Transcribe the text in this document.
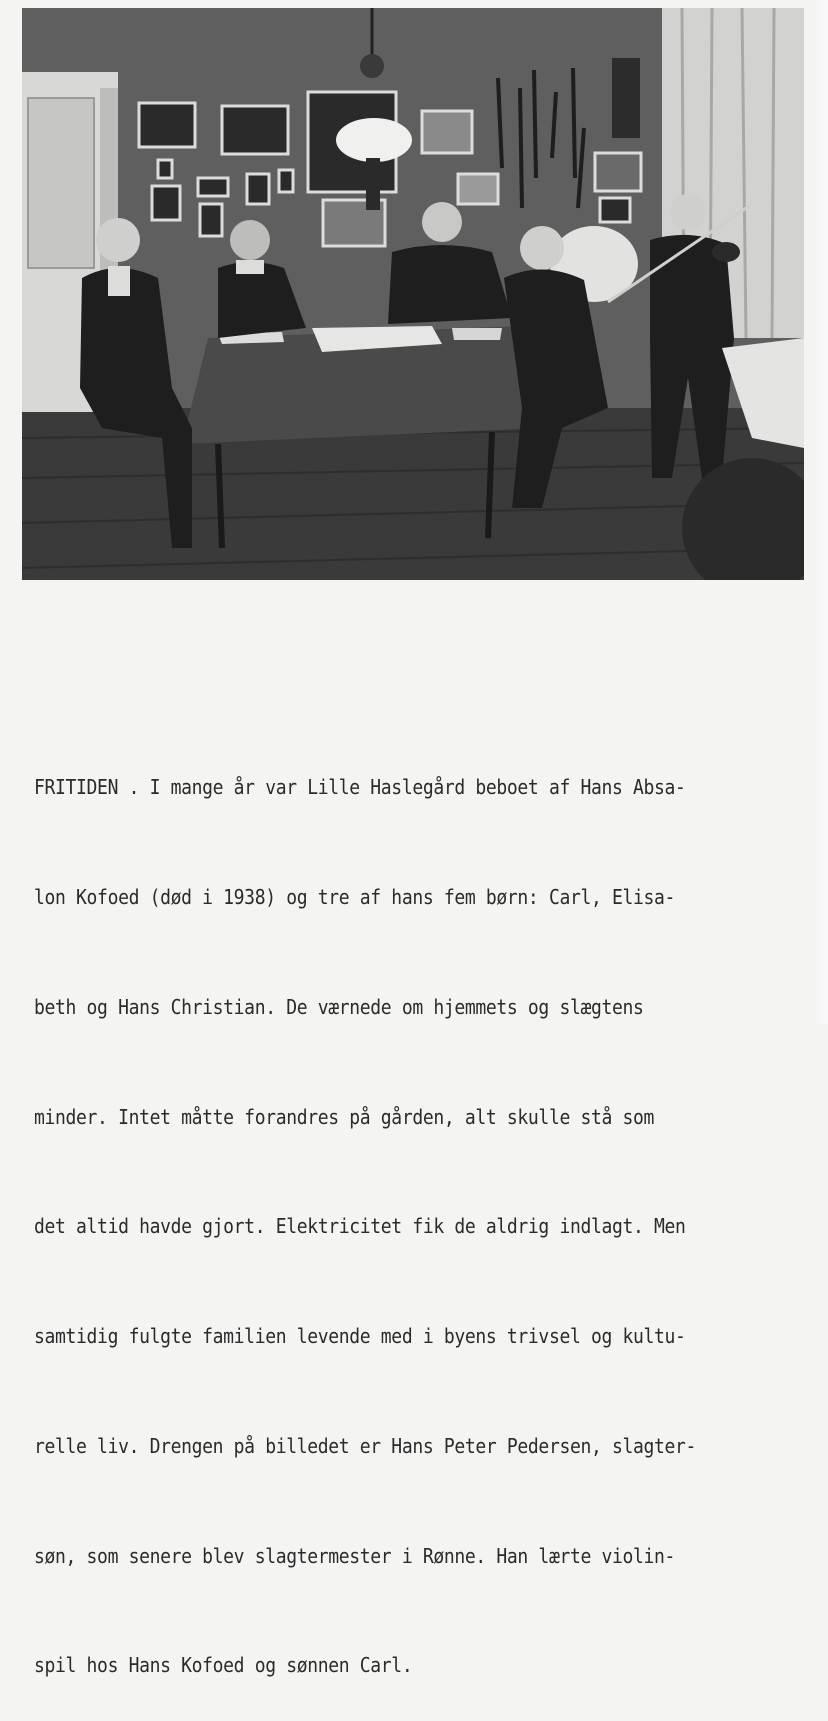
FRITIDEN . I mange år var Lille Haslegård beboet af Hans Absa-

lon Kofoed (død i 1938) og tre af hans fem børn: Carl, Elisa-

beth og Hans Christian. De værnede om hjemmets og slægtens

minder. Intet måtte forandres på gården, alt skulle stå som

det altid havde gjort. Elektricitet fik de aldrig indlagt. Men

samtidig fulgte familien levende med i byens trivsel og kultu-

relle liv. Drengen på billedet er Hans Peter Pedersen, slagter-

søn, som senere blev slagtermester i Rønne. Han lærte violin-

spil hos Hans Kofoed og sønnen Carl.
